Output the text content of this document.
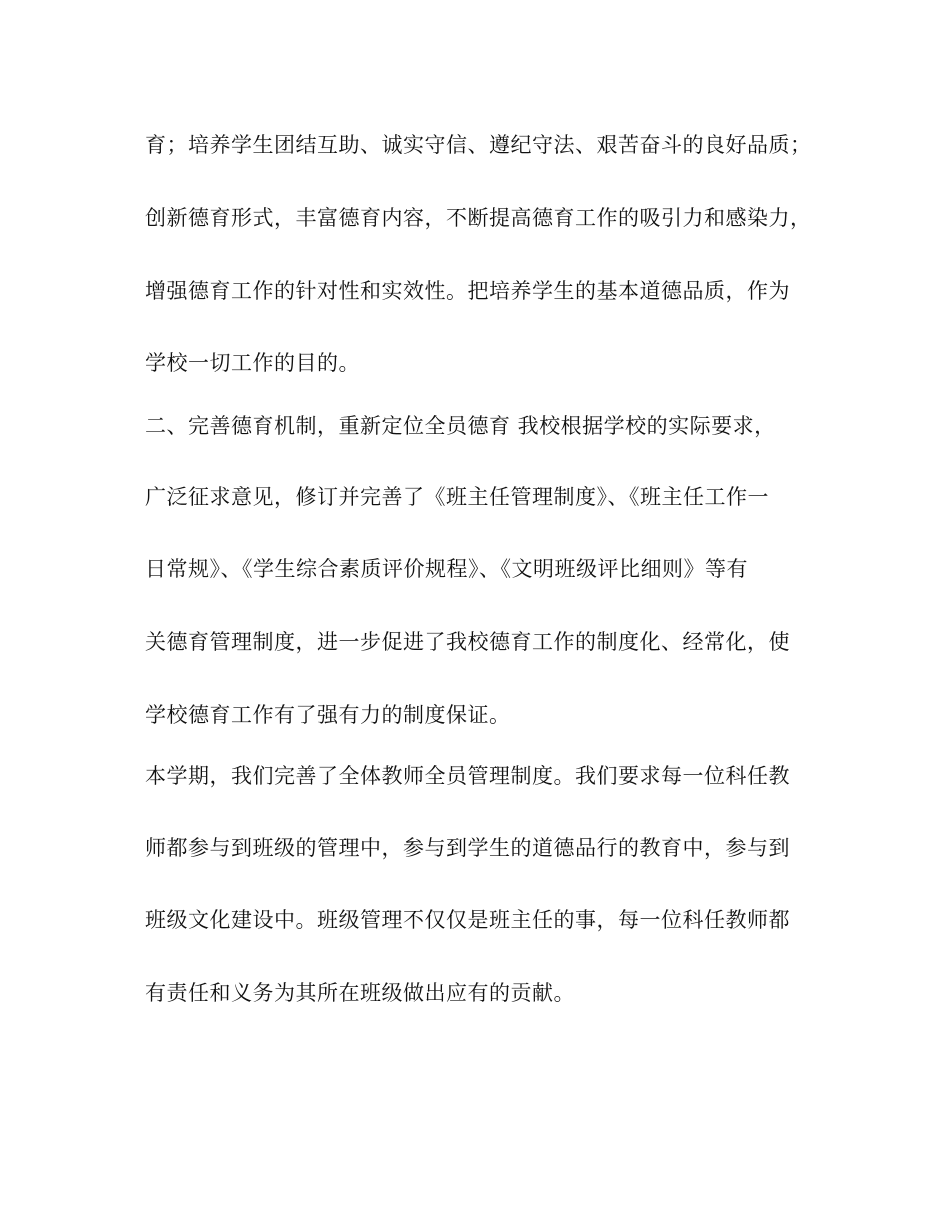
育；培养学生团结互助、诚实守信、遵纪守法、艰苦奋斗的良好品质；
创新德育形式，丰富德育内容，不断提高德育工作的吸引力和感染力，
增强德育工作的针对性和实效性。把培养学生的基本道德品质，作为
学校一切工作的目的。
二、完善德育机制，重新定位全员德育 我校根据学校的实际要求，
广泛征求意见，修订并完善了《班主任管理制度》、《班主任工作一
日常规》、《学生综合素质评价规程》、《文明班级评比细则》等有
关德育管理制度，进一步促进了我校德育工作的制度化、经常化，使
学校德育工作有了强有力的制度保证。
本学期，我们完善了全体教师全员管理制度。我们要求每一位科任教
师都参与到班级的管理中，参与到学生的道德品行的教育中，参与到
班级文化建设中。班级管理不仅仅是班主任的事，每一位科任教师都
有责任和义务为其所在班级做出应有的贡献。
